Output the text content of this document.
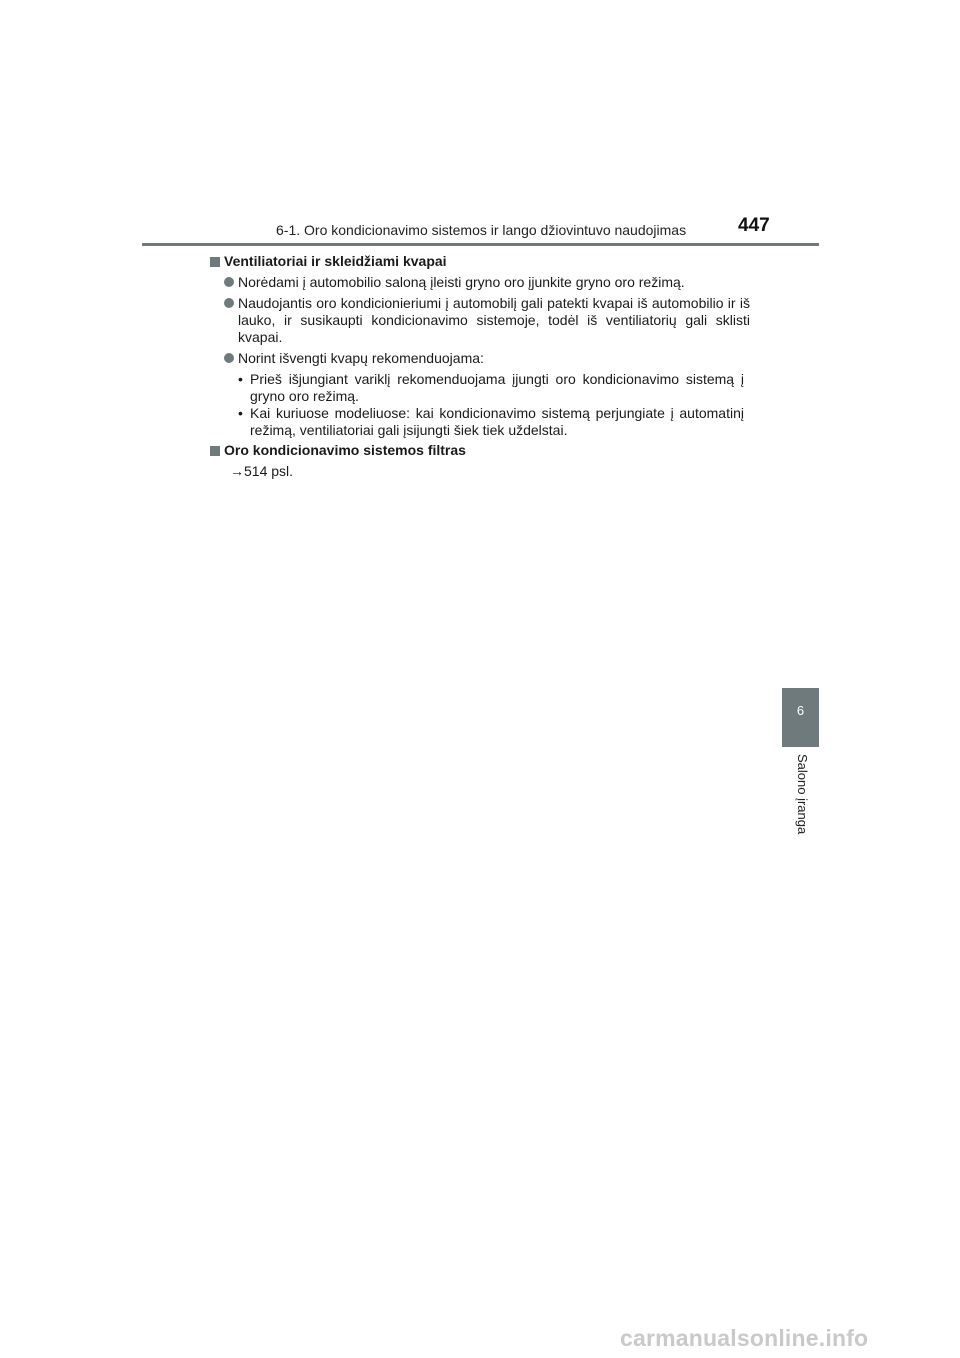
6-1. Oro kondicionavimo sistemos ir lango džiovintuvo naudojimas	447
Ventiliatoriai ir skleidžiami kvapai
Norėdami į automobilio saloną įleisti gryno oro įjunkite gryno oro režimą.
Naudojantis oro kondicionieriumi į automobilį gali patekti kvapai iš automobilio ir iš lauko, ir susikaupti kondicionavimo sistemoje, todėl iš ventiliatorių gali sklisti kvapai.
Norint išvengti kvapų rekomenduojama:
• Prieš išjungiant variklį rekomenduojama įjungti oro kondicionavimo sistemą į gryno oro režimą.
• Kai kuriuose modeliuose: kai kondicionavimo sistemą perjungiate į automatinį režimą, ventiliatoriai gali įsijungti šiek tiek uždelstai.
Oro kondicionavimo sistemos filtras
→514 psl.
6
Salono įranga
carmanualsonline.info
